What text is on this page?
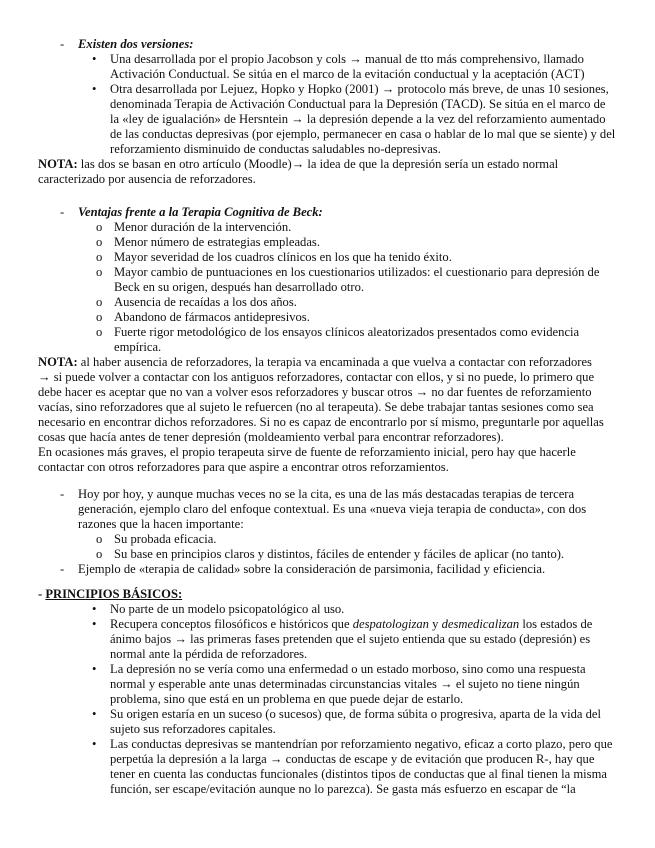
- Existen dos versiones:
• Una desarrollada por el propio Jacobson y cols → manual de tto más comprehensivo, llamado
Activación Conductual. Se sitúa en el marco de la evitación conductual y la aceptación (ACT)
• Otra desarrollada por Lejuez, Hopko y Hopko (2001) → protocolo más breve, de unas 10 sesiones,
denominada Terapia de Activación Conductual para la Depresión (TACD). Se sitúa en el marco de
la «ley de igualación» de Hersntein → la depresión depende a la vez del reforzamiento aumentado
de las conductas depresivas (por ejemplo, permanecer en casa o hablar de lo mal que se siente) y del
reforzamiento disminuido de conductas saludables no-depresivas.
NOTA: las dos se basan en otro artículo (Moodle)→ la idea de que la depresión sería un estado normal
caracterizado por ausencia de reforzadores.
- Ventajas frente a la Terapia Cognitiva de Beck:
o Menor duración de la intervención.
o Menor número de estrategias empleadas.
o Mayor severidad de los cuadros clínicos en los que ha tenido éxito.
o Mayor cambio de puntuaciones en los cuestionarios utilizados: el cuestionario para depresión de
Beck en su origen, después han desarrollado otro.
o Ausencia de recaídas a los dos años.
o Abandono de fármacos antidepresivos.
o Fuerte rigor metodológico de los ensayos clínicos aleatorizados presentados como evidencia
empírica.
NOTA: al haber ausencia de reforzadores, la terapia va encaminada a que vuelva a contactar con reforzadores
→ si puede volver a contactar con los antiguos reforzadores, contactar con ellos, y si no puede, lo primero que
debe hacer es aceptar que no van a volver esos reforzadores y buscar otros → no dar fuentes de reforzamiento
vacías, sino reforzadores que al sujeto le refuercen (no al terapeuta). Se debe trabajar tantas sesiones como sea
necesario en encontrar dichos reforzadores. Si no es capaz de encontrarlo por sí mismo, preguntarle por aquellas
cosas que hacía antes de tener depresión (moldeamiento verbal para encontrar reforzadores).
En ocasiones más graves, el propio terapeuta sirve de fuente de reforzamiento inicial, pero hay que hacerle
contactar con otros reforzadores para que aspire a encontrar otros reforzamientos.
- Hoy por hoy, y aunque muchas veces no se la cita, es una de las más destacadas terapias de tercera
generación, ejemplo claro del enfoque contextual. Es una «nueva vieja terapia de conducta», con dos
razones que la hacen importante:
o Su probada eficacia.
o Su base en principios claros y distintos, fáciles de entender y fáciles de aplicar (no tanto).
- Ejemplo de «terapia de calidad» sobre la consideración de parsimonia, facilidad y eficiencia.
- PRINCIPIOS BÁSICOS:
• No parte de un modelo psicopatológico al uso.
• Recupera conceptos filosóficos e históricos que despatologizan y desmedicalizan los estados de
ánimo bajos → las primeras fases pretenden que el sujeto entienda que su estado (depresión) es
normal ante la pérdida de reforzadores.
• La depresión no se vería como una enfermedad o un estado morboso, sino como una respuesta
normal y esperable ante unas determinadas circunstancias vitales → el sujeto no tiene ningún
problema, sino que está en un problema en que puede dejar de estarlo.
• Su origen estaría en un suceso (o sucesos) que, de forma súbita o progresiva, aparta de la vida del
sujeto sus reforzadores capitales.
• Las conductas depresivas se mantendrían por reforzamiento negativo, eficaz a corto plazo, pero que
perpetúa la depresión a la larga → conductas de escape y de evitación que producen R-, hay que
tener en cuenta las conductas funcionales (distintos tipos de conductas que al final tienen la misma
función, ser escape/evitación aunque no lo parezca). Se gasta más esfuerzo en escapar de “la
